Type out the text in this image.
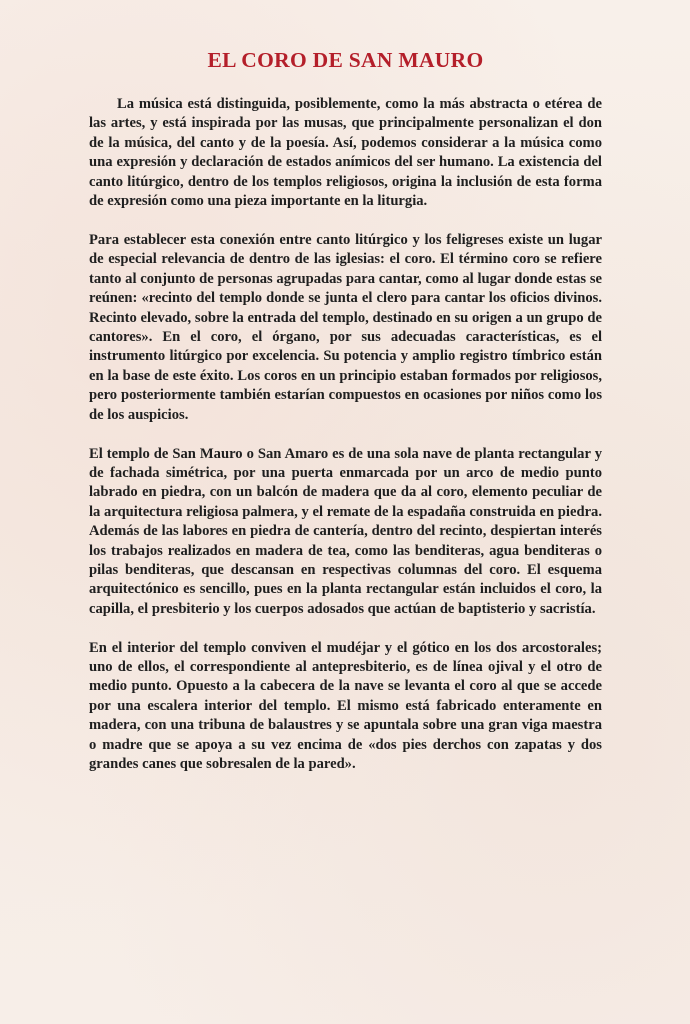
EL CORO DE SAN MAURO

La música está distinguida, posiblemente, como la más abstracta o etérea de las artes, y está inspirada por las musas, que principalmente personalizan el don de la música, del canto y de la poesía. Así, podemos considerar a la música como una expresión y declaración de estados anímicos del ser humano. La existencia del canto litúrgico, dentro de los templos religiosos, origina la inclusión de esta forma de expresión como una pieza importante en la liturgia.

Para establecer esta conexión entre canto litúrgico y los feligreses existe un lugar de especial relevancia de dentro de las iglesias: el coro. El término coro se refiere tanto al conjunto de personas agrupadas para cantar, como al lugar donde estas se reúnen: «recinto del templo donde se junta el clero para cantar los oficios divinos. Recinto elevado, sobre la entrada del templo, destinado en su origen a un grupo de cantores». En el coro, el órgano, por sus adecuadas características, es el instrumento litúrgico por excelencia. Su potencia y amplio registro tímbrico están en la base de este éxito. Los coros en un principio estaban formados por religiosos, pero posteriormente también estarían compuestos en ocasiones por niños como los de los auspicios.

El templo de San Mauro o San Amaro es de una sola nave de planta rectangular y de fachada simétrica, por una puerta enmarcada por un arco de medio punto labrado en piedra, con un balcón de madera que da al coro, elemento peculiar de la arquitectura religiosa palmera, y el remate de la espadaña construida en piedra. Además de las labores en piedra de cantería, dentro del recinto, despiertan interés los trabajos realizados en madera de tea, como las benditeras, agua benditeras o pilas benditeras, que descansan en respectivas columnas del coro. El esquema arquitectónico es sencillo, pues en la planta rectangular están incluidos el coro, la capilla, el presbiterio y los cuerpos adosados que actúan de baptisterio y sacristía.

En el interior del templo conviven el mudéjar y el gótico en los dos arcostorales; uno de ellos, el correspondiente al antepresbiterio, es de línea ojival y el otro de medio punto. Opuesto a la cabecera de la nave se levanta el coro al que se accede por una escalera interior del templo. El mismo está fabricado enteramente en madera, con una tribuna de balaustres y se apuntala sobre una gran viga maestra o madre que se apoya a su vez encima de «dos pies derchos con zapatas y dos grandes canes que sobresalen de la pared».
